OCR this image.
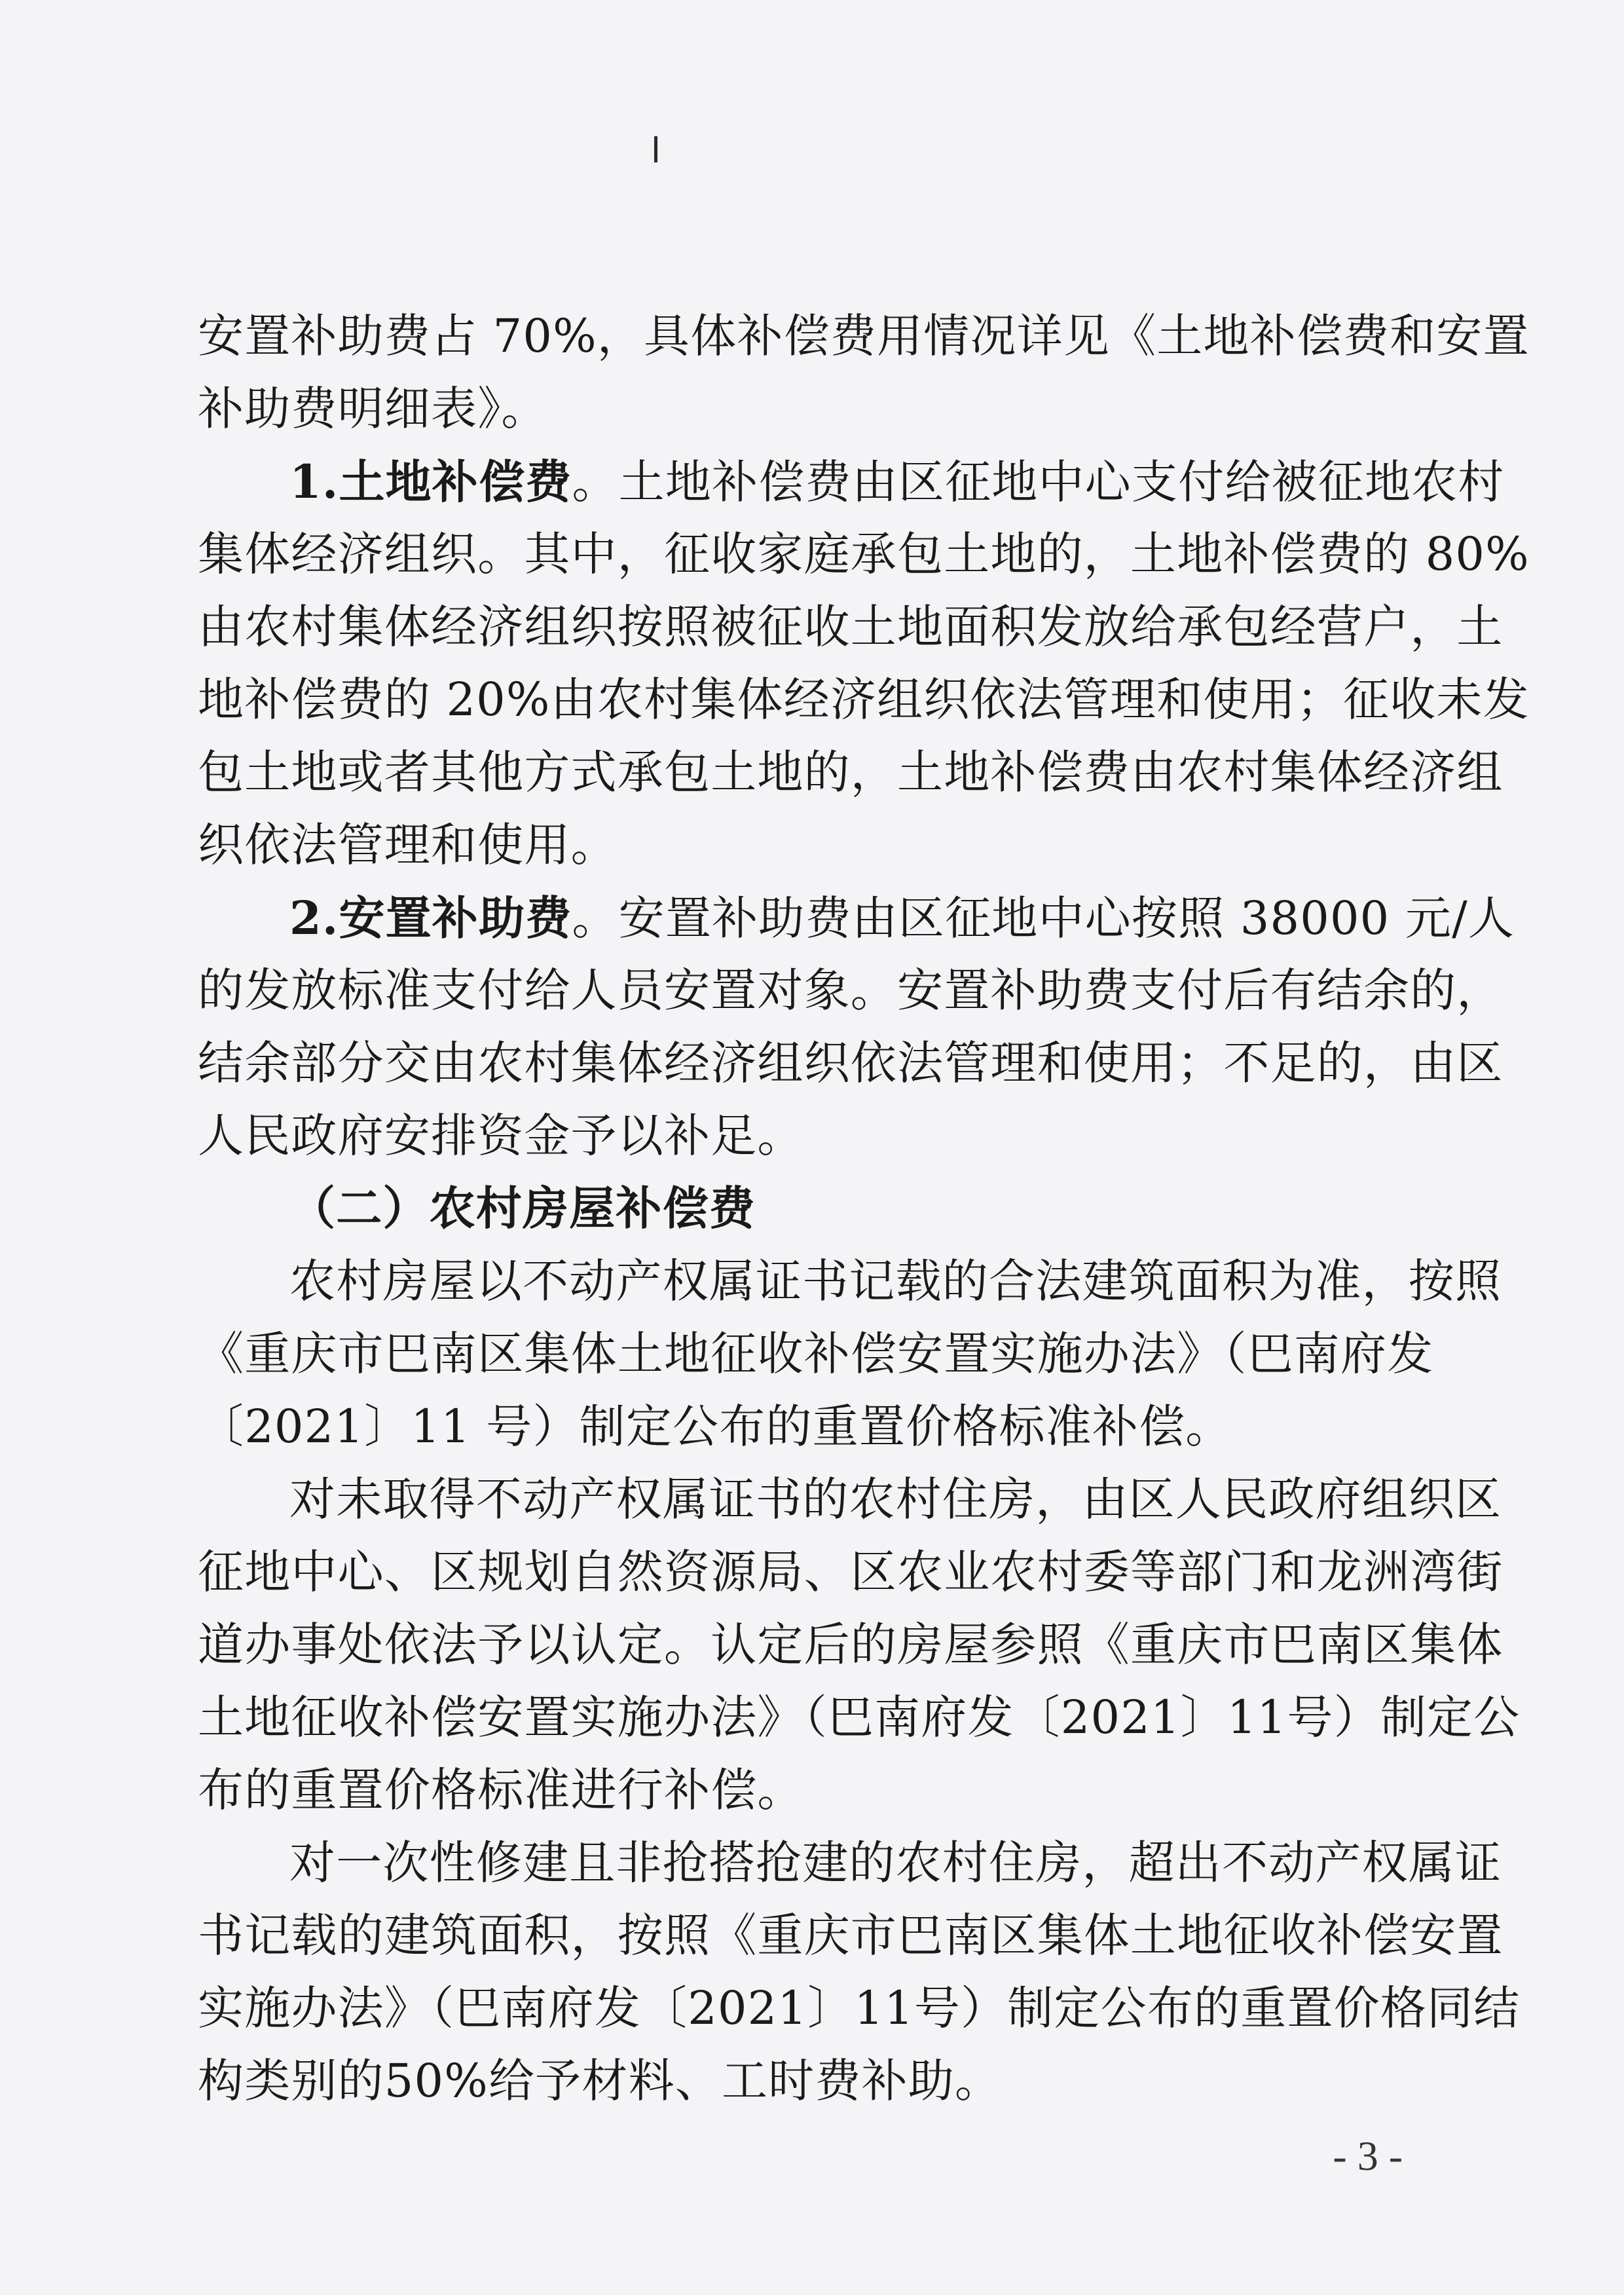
安置补助费占 70%，具体补偿费用情况详见《土地补偿费和安置
补助费明细表》。
1.土地补偿费。土地补偿费由区征地中心支付给被征地农村
集体经济组织。其中，征收家庭承包土地的，土地补偿费的 80%
由农村集体经济组织按照被征收土地面积发放给承包经营户，土
地补偿费的 20%由农村集体经济组织依法管理和使用；征收未发
包土地或者其他方式承包土地的，土地补偿费由农村集体经济组
织依法管理和使用。
2.安置补助费。安置补助费由区征地中心按照 38000 元/人
的发放标准支付给人员安置对象。安置补助费支付后有结余的，
结余部分交由农村集体经济组织依法管理和使用；不足的，由区
人民政府安排资金予以补足。
（二）农村房屋补偿费
农村房屋以不动产权属证书记载的合法建筑面积为准，按照
《重庆市巴南区集体土地征收补偿安置实施办法》（巴南府发
〔2021〕11 号）制定公布的重置价格标准补偿。
对未取得不动产权属证书的农村住房，由区人民政府组织区
征地中心、区规划自然资源局、区农业农村委等部门和龙洲湾街
道办事处依法予以认定。认定后的房屋参照《重庆市巴南区集体
土地征收补偿安置实施办法》（巴南府发〔2021〕11号）制定公
布的重置价格标准进行补偿。
对一次性修建且非抢搭抢建的农村住房，超出不动产权属证
书记载的建筑面积，按照《重庆市巴南区集体土地征收补偿安置
实施办法》（巴南府发〔2021〕11号）制定公布的重置价格同结
构类别的50%给予材料、工时费补助。
- 3 -
